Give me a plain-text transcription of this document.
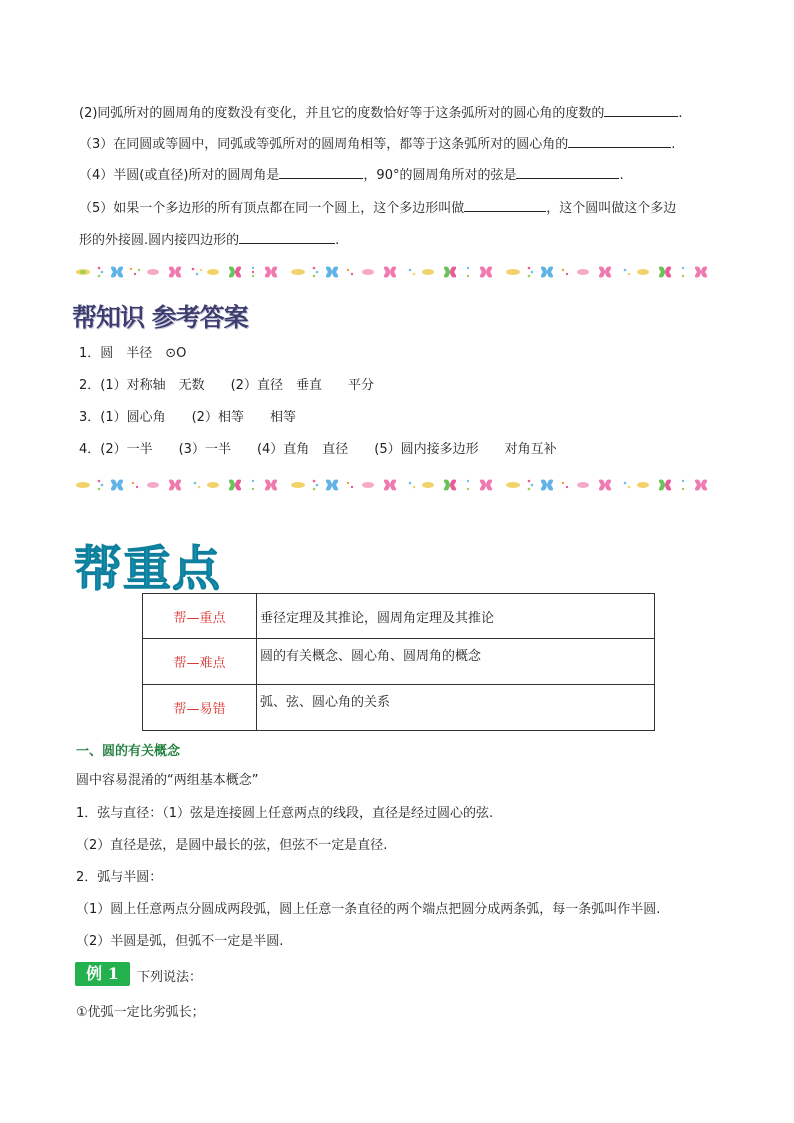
(2)同弧所对的圆周角的度数没有变化，并且它的度数恰好等于这条弧所对的圆心角的度数的	.
（3）在同圆或等圆中，同弧或等弧所对的圆周角相等，都等于这条弧所对的圆心角的	.
（4）半圆(或直径)所对的圆周角是	，90°的圆周角所对的弦是	.
（5）如果一个多边形的所有顶点都在同一个圆上，这个多边形叫做	，这个圆叫做这个多边
形的外接圆.圆内接四边形的	.
帮知识 参考答案
1．圆　半径　⊙O
2．(1）对称轴　无数　　(2）直径　垂直　　平分
3．(1）圆心角　　(2）相等　　相等
4．(2）一半　　(3）一半　　(4）直角　直径　　(5）圆内接多边形　　对角互补
帮重点
帮—重点	垂径定理及其推论，圆周角定理及其推论
帮—难点	圆的有关概念、圆心角、圆周角的概念
帮—易错	弧、弦、圆心角的关系
一、圆的有关概念
圆中容易混淆的“两组基本概念”
1．弦与直径：（1）弦是连接圆上任意两点的线段，直径是经过圆心的弦.
（2）直径是弦，是圆中最长的弦，但弦不一定是直径.
2．弧与半圆：
（1）圆上任意两点分圆成两段弧，圆上任意一条直径的两个端点把圆分成两条弧，每一条弧叫作半圆.
（2）半圆是弧，但弧不一定是半圆.
例 1	下列说法：
①优弧一定比劣弧长；
